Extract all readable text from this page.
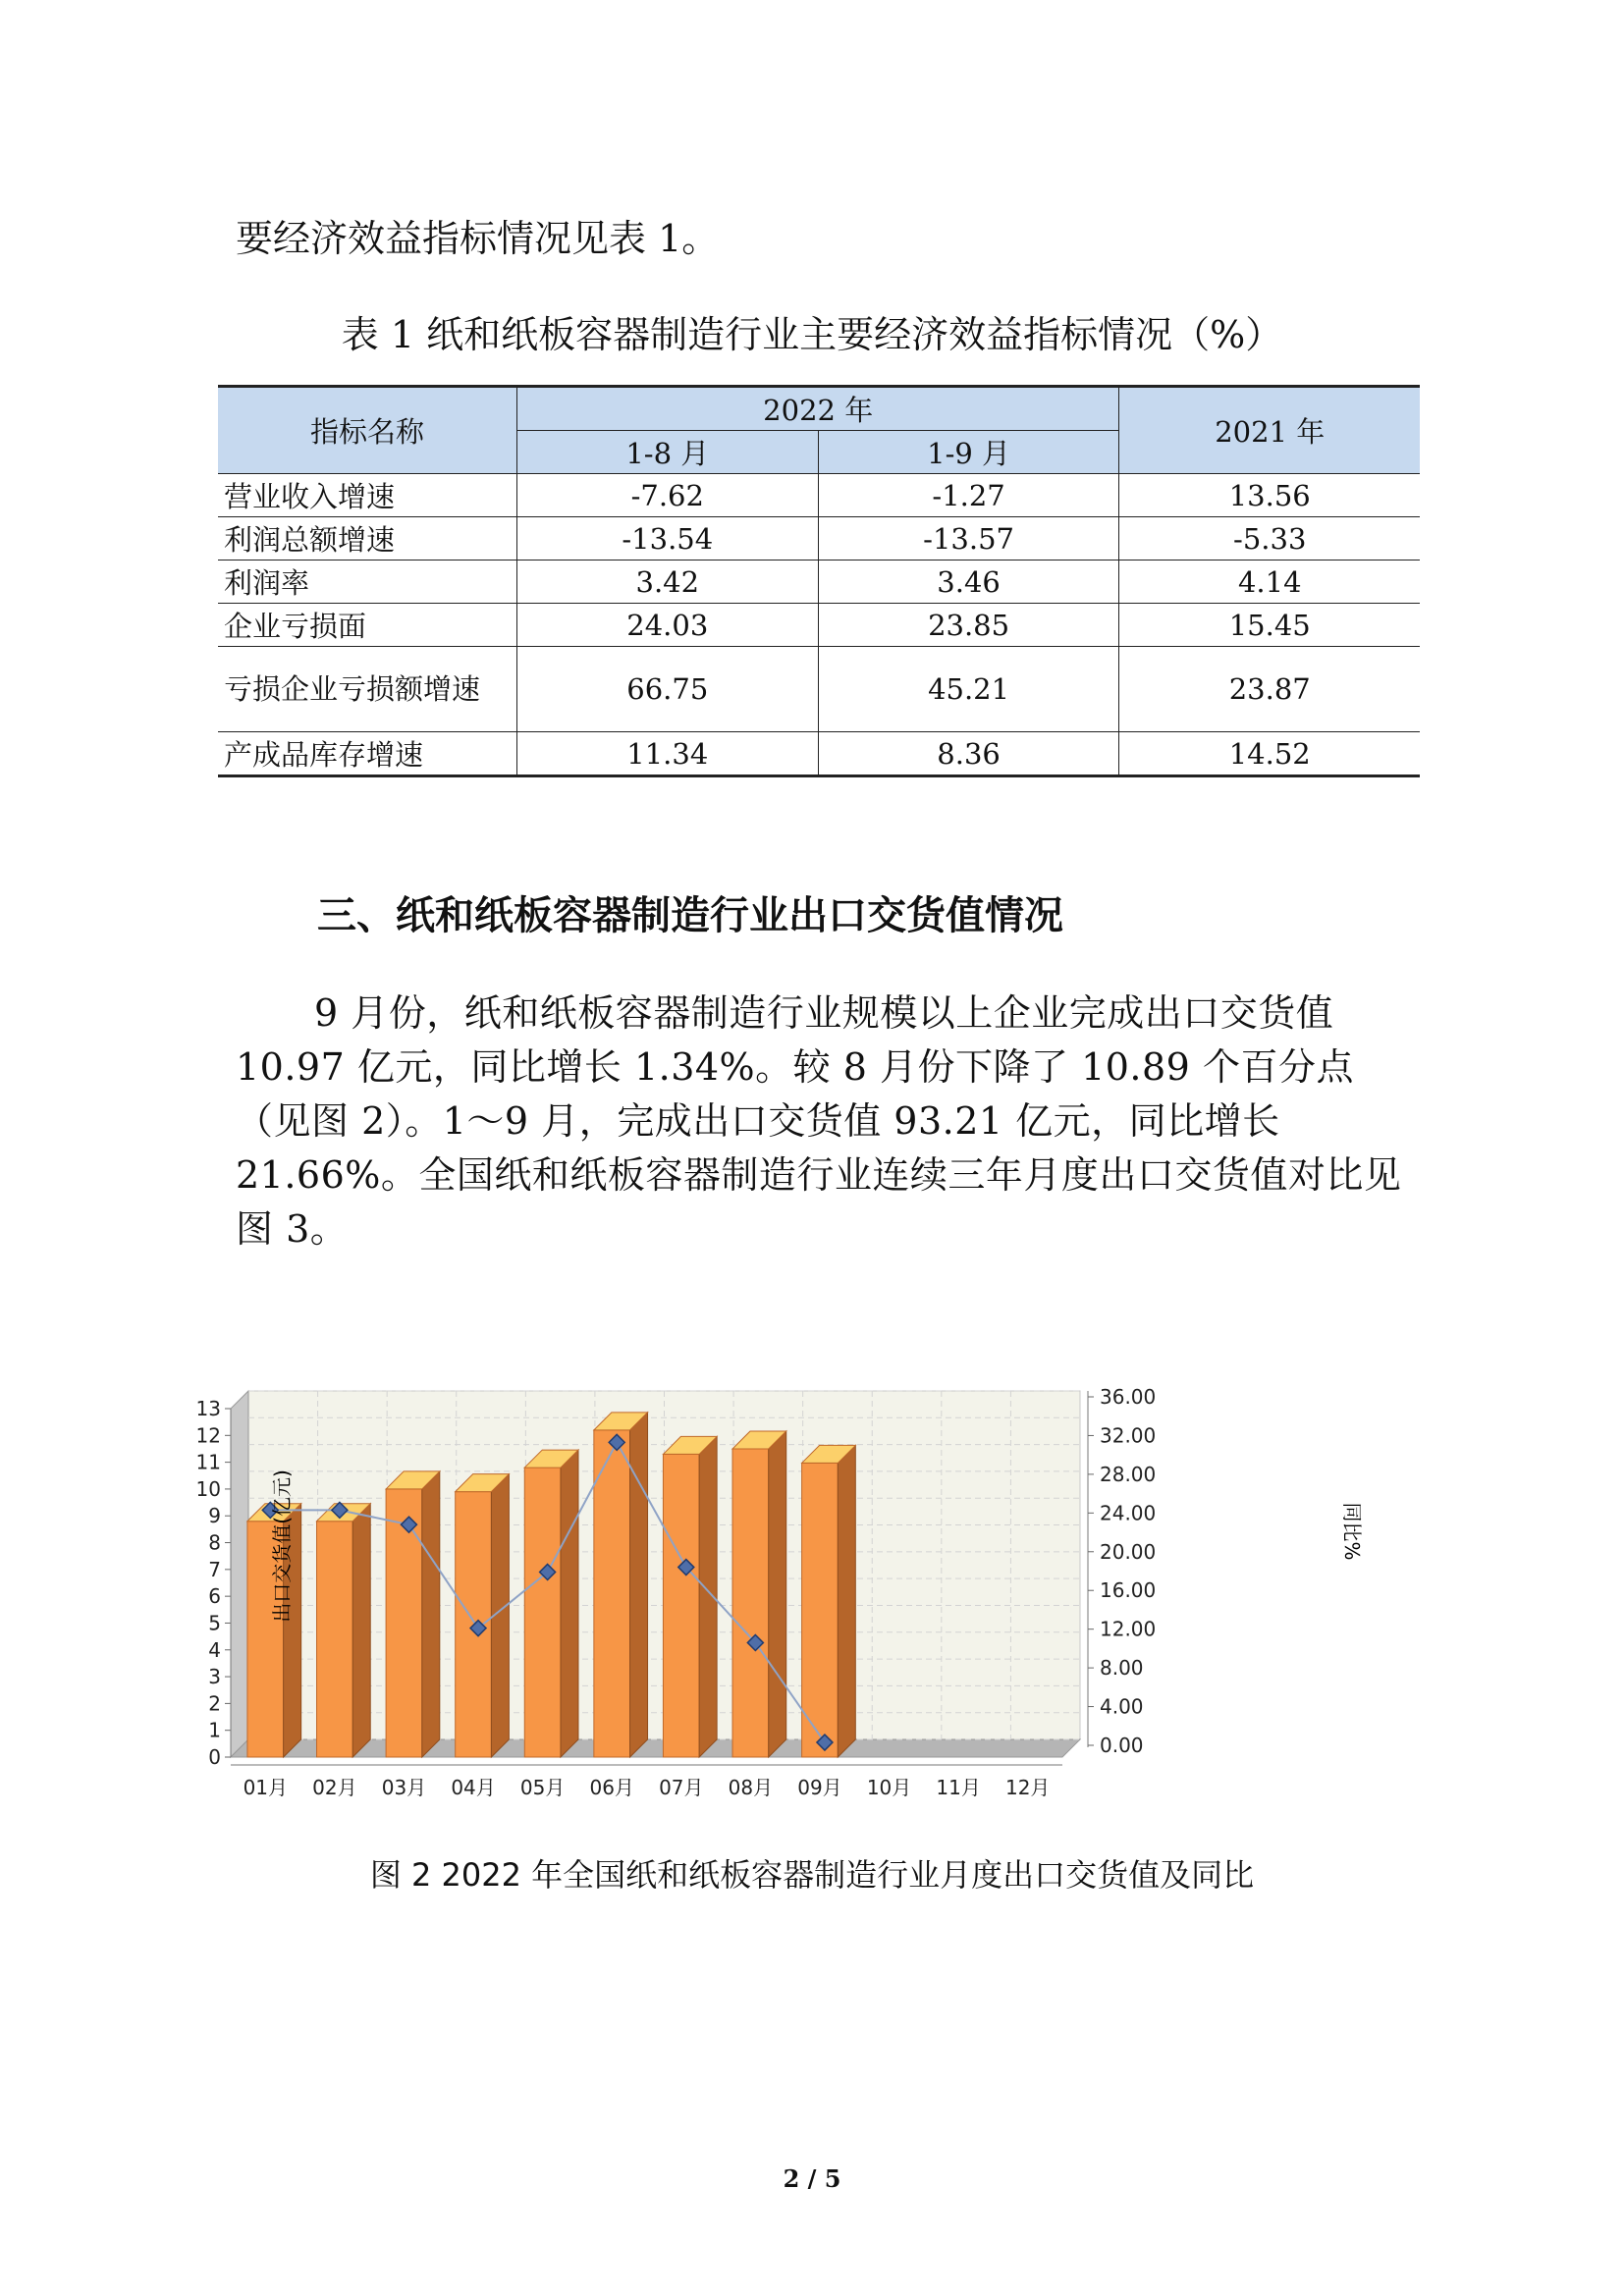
要经济效益指标情况见表 1。
表 1 纸和纸板容器制造行业主要经济效益指标情况（%）
指标名称	2022 年		2021 年
	1-8 月	1-9 月	
营业收入增速	-7.62	-1.27	13.56
利润总额增速	-13.54	-13.57	-5.33
利润率	3.42	3.46	4.14
企业亏损面	24.03	23.85	15.45
亏损企业亏损额增速	66.75	45.21	23.87
产成品库存增速	11.34	8.36	14.52
三、纸和纸板容器制造行业出口交货值情况
9 月份，纸和纸板容器制造行业规模以上企业完成出口交货值 10.97 亿元，同比增长 1.34%。较 8 月份下降了 10.89 个百分点（见图 2）。1～9 月，完成出口交货值 93.21 亿元，同比增长 21.66%。全国纸和纸板容器制造行业连续三年月度出口交货值对比见图 3。
0
1
2
3
4
5
6
7
8
9
10
11
12
13
0.00
4.00
8.00
12.00
16.00
20.00
24.00
28.00
32.00
36.00
01月 02月 03月 04月 05月 06月 07月 08月 09月 10月 11月 12月
出口交货值(亿元)	同比%
图 2 2022 年全国纸和纸板容器制造行业月度出口交货值及同比
2 / 5
